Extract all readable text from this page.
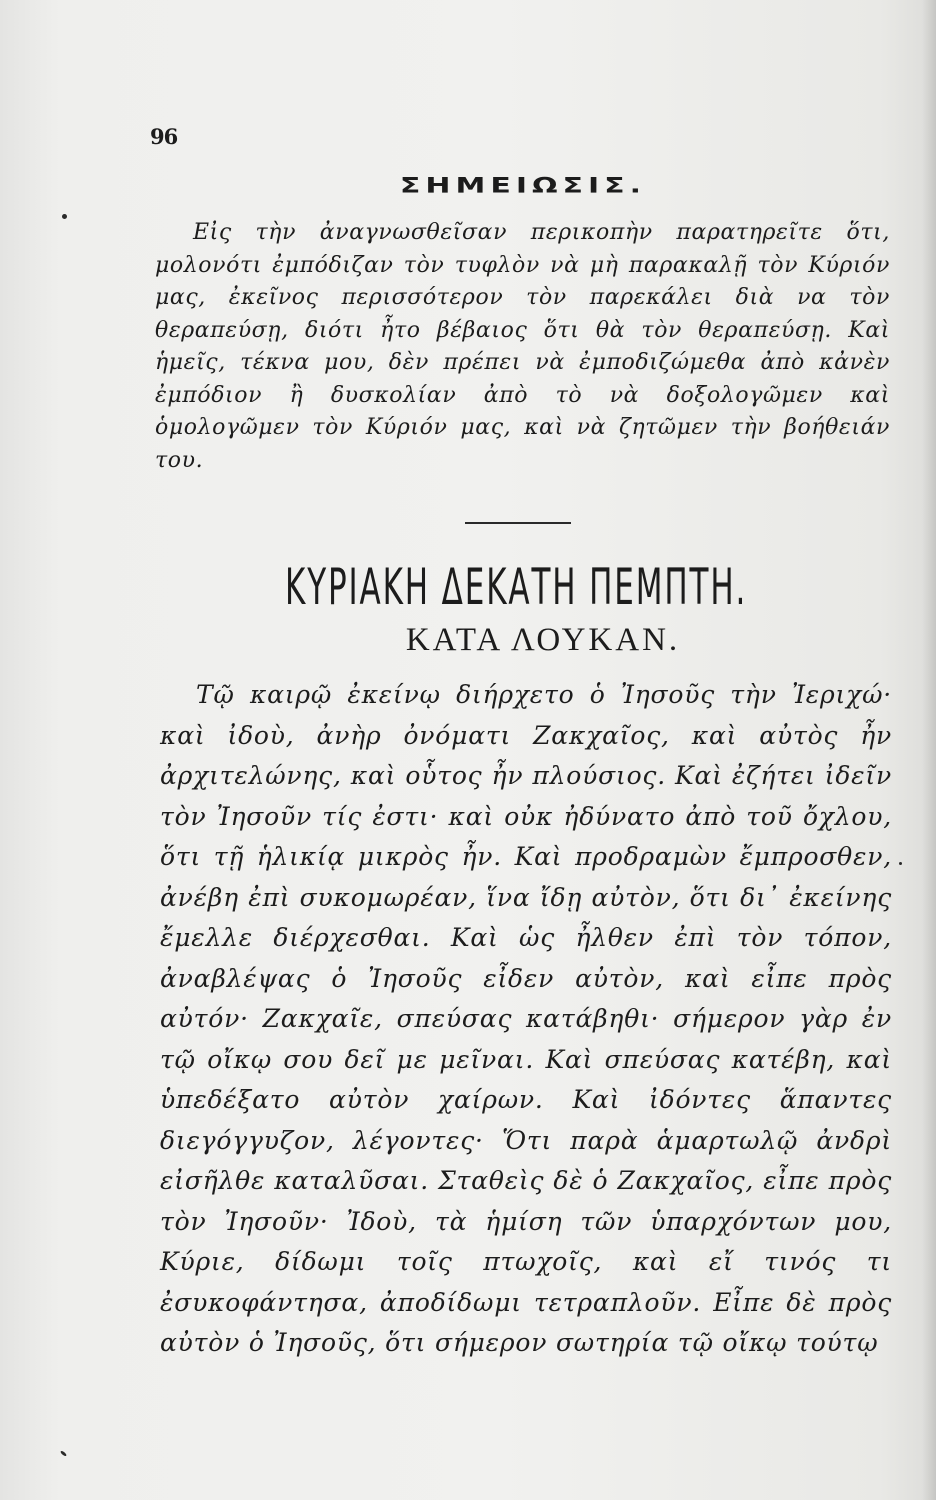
96
ΣΗΜΕΙΩΣΙΣ.

Εἰς τὴν ἀναγνωσθεῖσαν περικοπὴν παρατηρεῖτε ὅτι, μολονότι ἐμπόδιζαν τὸν τυφλὸν νὰ μὴ παρακαλῇ τὸν Κύριόν μας, ἐκεῖνος περισσότερον τὸν παρεκάλει διὰ να τὸν θεραπεύσῃ, διότι ἦτο βέβαιος ὅτι θὰ τὸν θεραπεύσῃ. Καὶ ἡμεῖς, τέκνα μου, δὲν πρέπει νὰ ἐμποδιζώμεθα ἀπὸ κἀνὲν ἐμπόδιον ἢ δυσκολίαν ἀπὸ τὸ νὰ δοξολογῶμεν καὶ ὁμολογῶμεν τὸν Κύριόν μας, καὶ νὰ ζητῶμεν τὴν βοήθειάν του.

ΚΥΡΙΑΚΗ ΔΕΚΑΤΗ ΠΕΜΠΤΗ.
ΚΑΤΑ ΛΟΥΚΑΝ.

Τῷ καιρῷ ἐκείνῳ διήρχετο ὁ Ἰησοῦς τὴν Ἰεριχώ· καὶ ἰδοὺ, ἀνὴρ ὀνόματι Ζακχαῖος, καὶ αὐτὸς ἦν ἀρχιτελώνης, καὶ οὗτος ἦν πλούσιος. Καὶ ἐζήτει ἰδεῖν τὸν Ἰησοῦν τίς ἐστι· καὶ οὐκ ἠδύνατο ἀπὸ τοῦ ὄχλου, ὅτι τῇ ἡλικίᾳ μικρὸς ἦν. Καὶ προδραμὼν ἔμπροσθεν, ἀνέβη ἐπὶ συκομωρέαν, ἵνα ἴδῃ αὐτὸν, ὅτι δι᾽ ἐκείνης ἔμελλε διέρχεσθαι. Καὶ ὡς ἦλθεν ἐπὶ τὸν τόπον, ἀναβλέψας ὁ Ἰησοῦς εἶδεν αὐτὸν, καὶ εἶπε πρὸς αὐτόν· Ζακχαῖε, σπεύσας κατάβηθι· σήμερον γὰρ ἐν τῷ οἴκῳ σου δεῖ με μεῖναι. Καὶ σπεύσας κατέβη, καὶ ὑπεδέξατο αὐτὸν χαίρων. Καὶ ἰδόντες ἅπαντες διεγόγγυζον, λέγοντες· Ὅτι παρὰ ἁμαρτωλῷ ἀνδρὶ εἰσῆλθε καταλῦσαι. Σταθεὶς δὲ ὁ Ζακχαῖος, εἶπε πρὸς τὸν Ἰησοῦν· Ἰδοὺ, τὰ ἡμίση τῶν ὑπαρχόντων μου, Κύριε, δίδωμι τοῖς πτωχοῖς, καὶ εἴ τινός τι ἐσυκοφάντησα, ἀποδίδωμι τετραπλοῦν. Εἶπε δὲ πρὸς αὐτὸν ὁ Ἰησοῦς, ὅτι σήμερον σωτηρία τῷ οἴκῳ τούτῳ
